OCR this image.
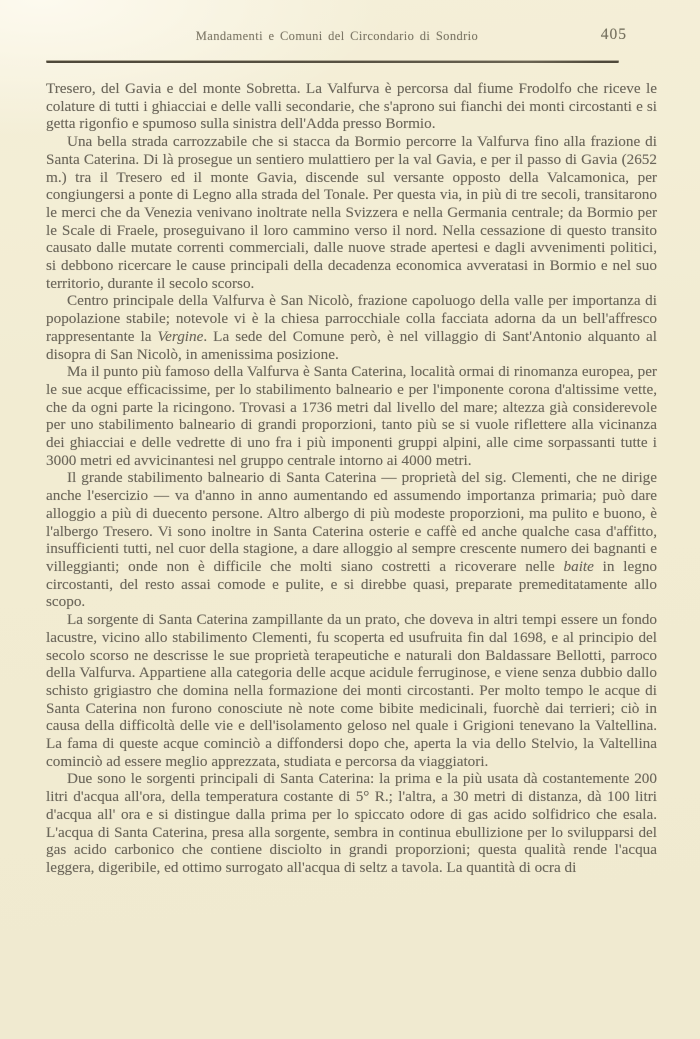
Mandamenti e Comuni del Circondario di Sondrio	405

Tresero, del Gavia e del monte Sobretta. La Valfurva è percorsa dal fiume Frodolfo che riceve le colature di tutti i ghiacciai e delle valli secondarie, che s'aprono sui fianchi dei monti circostanti e si getta rigonfio e spumoso sulla sinistra dell'Adda presso Bormio.

Una bella strada carrozzabile che si stacca da Bormio percorre la Valfurva fino alla frazione di Santa Caterina. Di là prosegue un sentiero mulattiero per la val Gavia, e per il passo di Gavia (2652 m.) tra il Tresero ed il monte Gavia, discende sul versante opposto della Valcamonica, per congiungersi a ponte di Legno alla strada del Tonale. Per questa via, in più di tre secoli, transitarono le merci che da Venezia venivano inoltrate nella Svizzera e nella Germania centrale; da Bormio per le Scale di Fraele, proseguivano il loro cammino verso il nord. Nella cessazione di questo transito causato dalle mutate correnti commerciali, dalle nuove strade apertesi e dagli avvenimenti politici, si debbono ricercare le cause principali della decadenza economica avveratasi in Bormio e nel suo territorio, durante il secolo scorso.

Centro principale della Valfurva è San Nicolò, frazione capoluogo della valle per importanza di popolazione stabile; notevole vi è la chiesa parrocchiale colla facciata adorna da un bell'affresco rappresentante la Vergine. La sede del Comune però, è nel villaggio di Sant'Antonio alquanto al disopra di San Nicolò, in amenissima posizione.

Ma il punto più famoso della Valfurva è Santa Caterina, località ormai di rinomanza europea, per le sue acque efficacissime, per lo stabilimento balneario e per l'imponente corona d'altissime vette, che da ogni parte la ricingono. Trovasi a 1736 metri dal livello del mare; altezza già considerevole per uno stabilimento balneario di grandi proporzioni, tanto più se si vuole riflettere alla vicinanza dei ghiacciai e delle vedrette di uno fra i più imponenti gruppi alpini, alle cime sorpassanti tutte i 3000 metri ed avvicinantesi nel gruppo centrale intorno ai 4000 metri.

Il grande stabilimento balneario di Santa Caterina — proprietà del sig. Clementi, che ne dirige anche l'esercizio — va d'anno in anno aumentando ed assumendo importanza primaria; può dare alloggio a più di duecento persone. Altro albergo di più modeste proporzioni, ma pulito e buono, è l'albergo Tresero. Vi sono inoltre in Santa Caterina osterie e caffè ed anche qualche casa d'affitto, insufficienti tutti, nel cuor della stagione, a dare alloggio al sempre crescente numero dei bagnanti e villeggianti; onde non è difficile che molti siano costretti a ricoverare nelle baite in legno circostanti, del resto assai comode e pulite, e si direbbe quasi, preparate premeditatamente allo scopo.

La sorgente di Santa Caterina zampillante da un prato, che doveva in altri tempi essere un fondo lacustre, vicino allo stabilimento Clementi, fu scoperta ed usufruita fin dal 1698, e al principio del secolo scorso ne descrisse le sue proprietà terapeutiche e naturali don Baldassare Bellotti, parroco della Valfurva. Appartiene alla categoria delle acque acidule ferruginose, e viene senza dubbio dallo schisto grigiastro che domina nella formazione dei monti circostanti. Per molto tempo le acque di Santa Caterina non furono conosciute nè note come bibite medicinali, fuorchè dai terrieri; ciò in causa della difficoltà delle vie e dell'isolamento geloso nel quale i Grigioni tenevano la Valtellina. La fama di queste acque cominciò a diffondersi dopo che, aperta la via dello Stelvio, la Valtellina cominciò ad essere meglio apprezzata, studiata e percorsa da viaggiatori.

Due sono le sorgenti principali di Santa Caterina: la prima e la più usata dà costantemente 200 litri d'acqua all'ora, della temperatura costante di 5° R.; l'altra, a 30 metri di distanza, dà 100 litri d'acqua all' ora e si distingue dalla prima per lo spiccato odore di gas acido solfidrico che esala. L'acqua di Santa Caterina, presa alla sorgente, sembra in continua ebullizione per lo svilupparsi del gas acido carbonico che contiene disciolto in grandi proporzioni; questa qualità rende l'acqua leggera, digeribile, ed ottimo surrogato all'acqua di seltz a tavola. La quantità di ocra di
